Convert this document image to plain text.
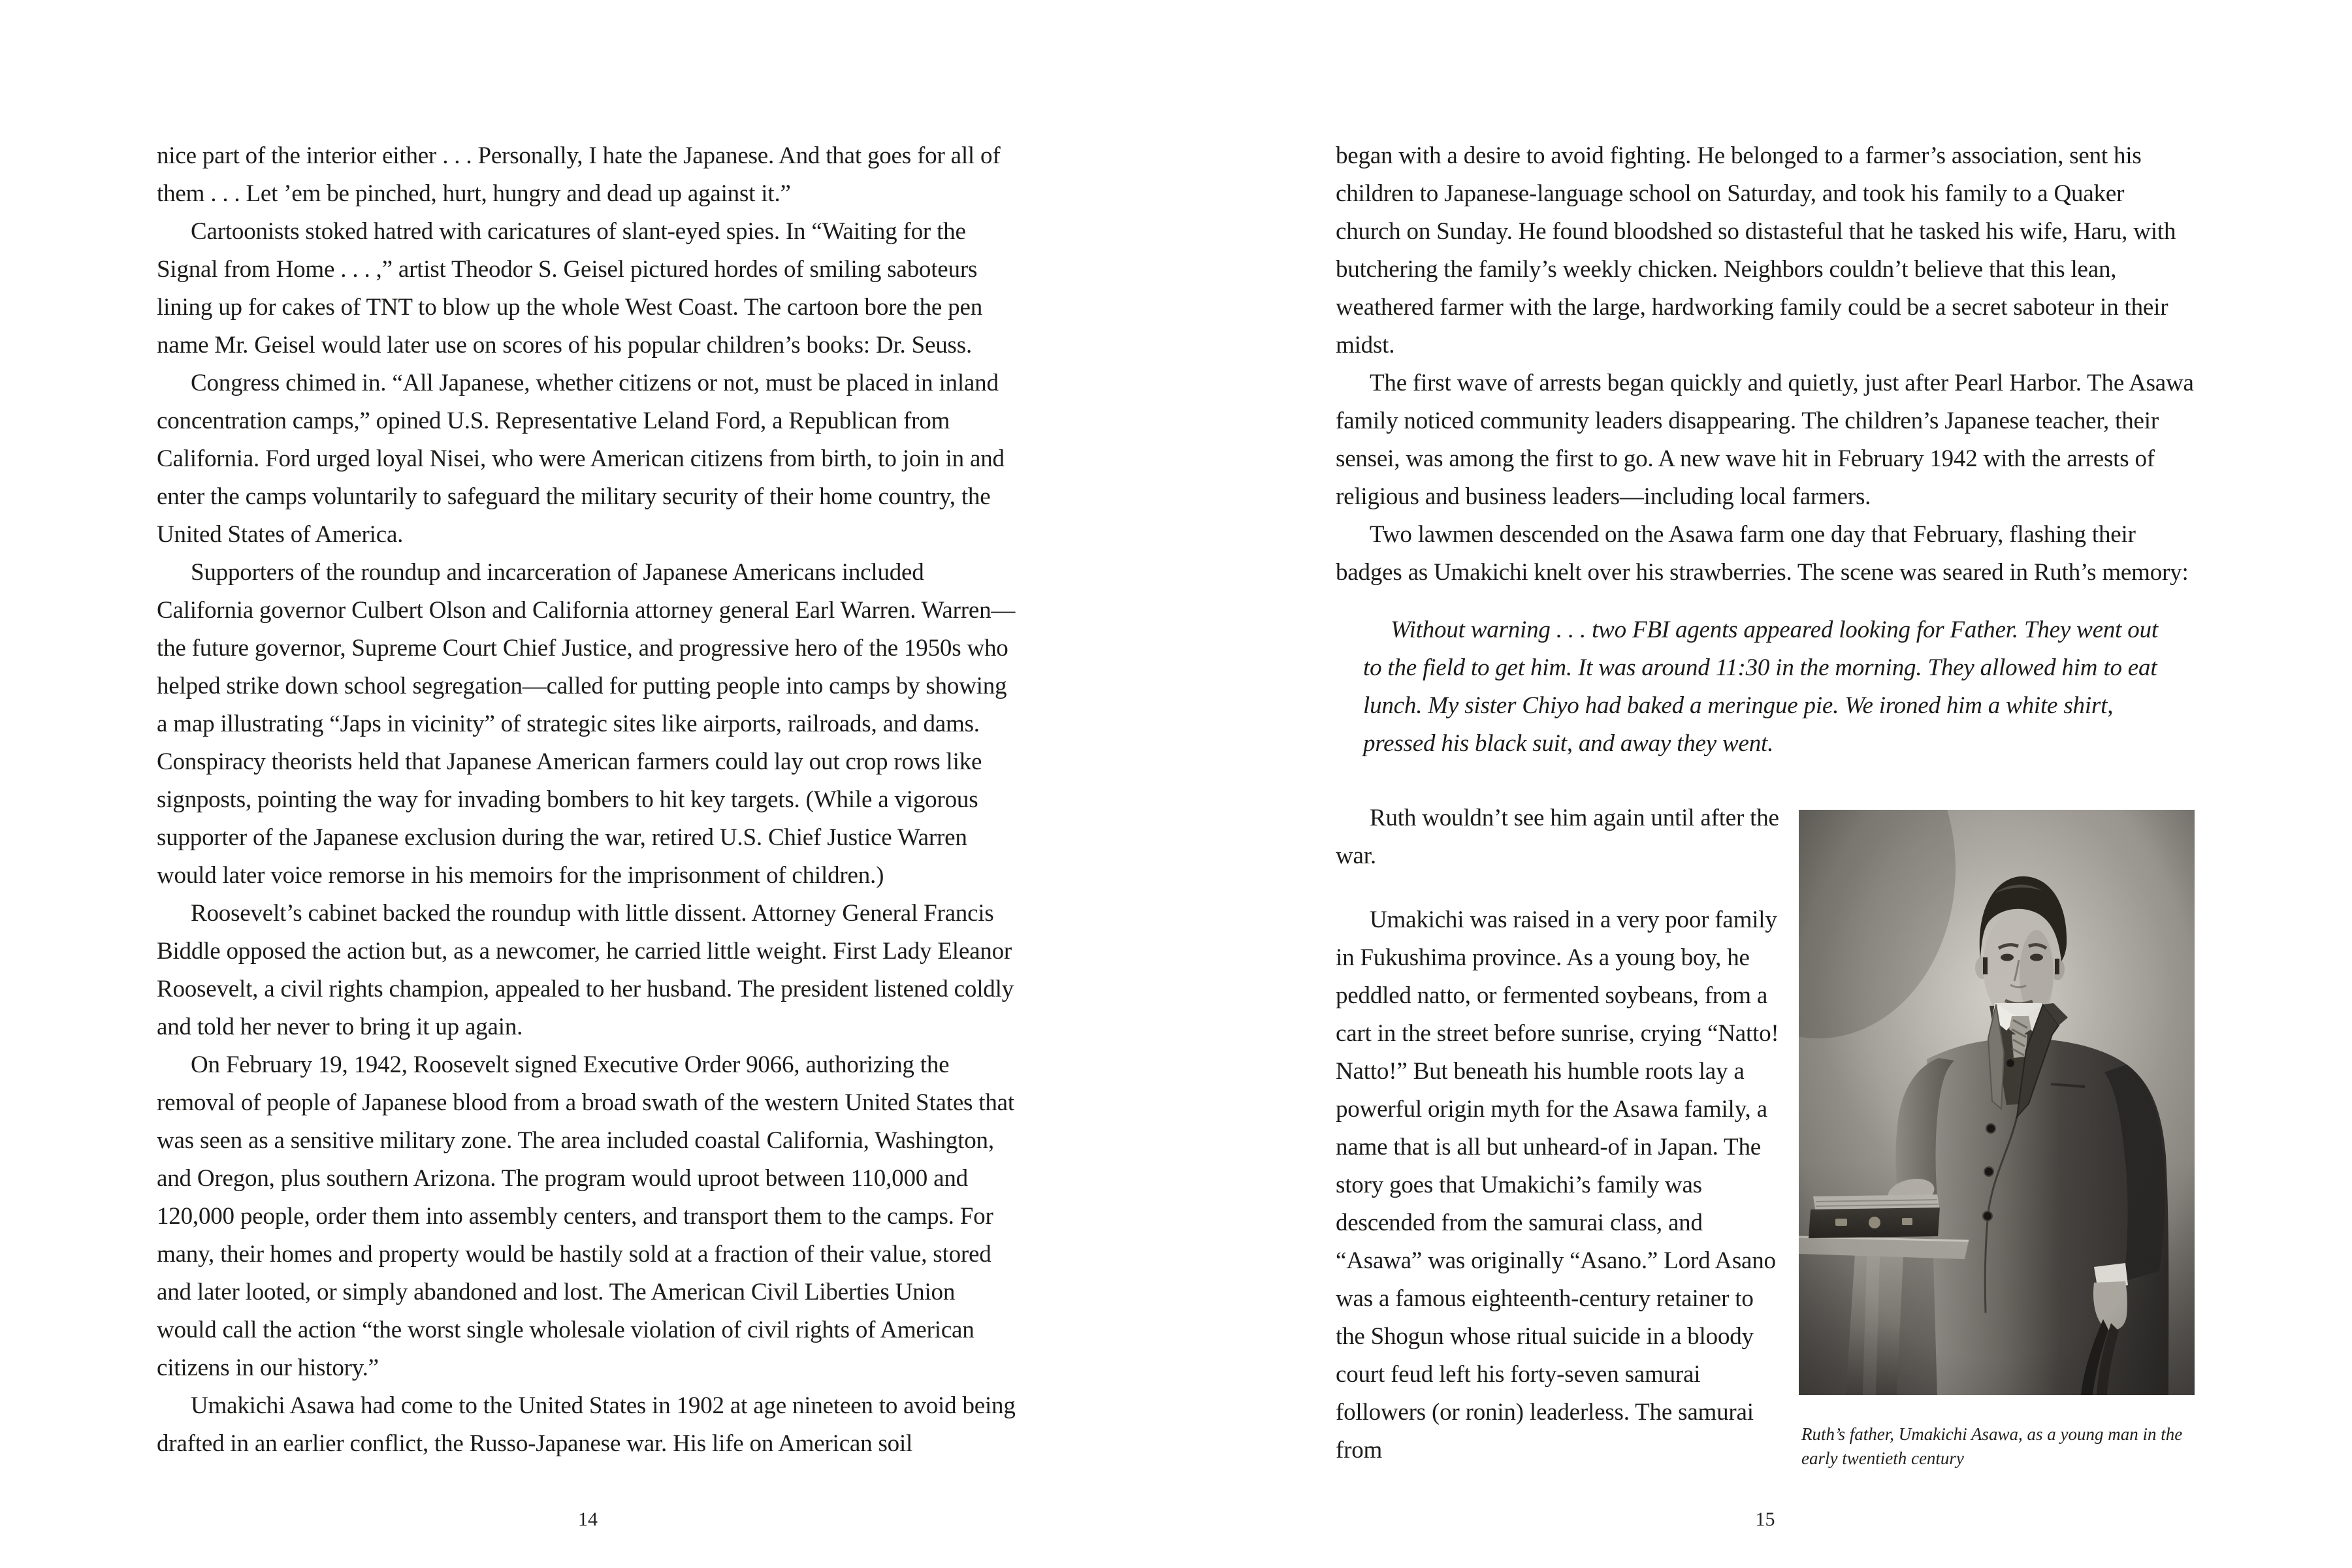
nice part of the interior either . . . Personally, I hate the Japanese. And that goes for all of them . . . Let ’em be pinched, hurt, hungry and dead up against it.”

Cartoonists stoked hatred with caricatures of slant-eyed spies. In “Waiting for the Signal from Home . . . ,” artist Theodor S. Geisel pictured hordes of smiling saboteurs lining up for cakes of TNT to blow up the whole West Coast. The cartoon bore the pen name Mr. Geisel would later use on scores of his popular children’s books: Dr. Seuss.

Congress chimed in. “All Japanese, whether citizens or not, must be placed in inland concentration camps,” opined U.S. Representative Leland Ford, a Republican from California. Ford urged loyal Nisei, who were American citizens from birth, to join in and enter the camps voluntarily to safeguard the military security of their home country, the United States of America.

Supporters of the roundup and incarceration of Japanese Americans included California governor Culbert Olson and California attorney general Earl Warren. Warren—the future governor, Supreme Court Chief Justice, and progressive hero of the 1950s who helped strike down school segregation—called for putting people into camps by showing a map illustrating “Japs in vicinity” of strategic sites like airports, railroads, and dams. Conspiracy theorists held that Japanese American farmers could lay out crop rows like signposts, pointing the way for invading bombers to hit key targets. (While a vigorous supporter of the Japanese exclusion during the war, retired U.S. Chief Justice Warren would later voice remorse in his memoirs for the imprisonment of children.)

Roosevelt’s cabinet backed the roundup with little dissent. Attorney General Francis Biddle opposed the action but, as a newcomer, he carried little weight. First Lady Eleanor Roosevelt, a civil rights champion, appealed to her husband. The president listened coldly and told her never to bring it up again.

On February 19, 1942, Roosevelt signed Executive Order 9066, authorizing the removal of people of Japanese blood from a broad swath of the western United States that was seen as a sensitive military zone. The area included coastal California, Washington, and Oregon, plus southern Arizona. The program would uproot between 110,000 and 120,000 people, order them into assembly centers, and transport them to the camps. For many, their homes and property would be hastily sold at a fraction of their value, stored and later looted, or simply abandoned and lost. The American Civil Liberties Union would call the action “the worst single wholesale violation of civil rights of American citizens in our history.”

Umakichi Asawa had come to the United States in 1902 at age nineteen to avoid being drafted in an earlier conflict, the Russo-Japanese war. His life on American soil

14

began with a desire to avoid fighting. He belonged to a farmer’s association, sent his children to Japanese-language school on Saturday, and took his family to a Quaker church on Sunday. He found bloodshed so distasteful that he tasked his wife, Haru, with butchering the family’s weekly chicken. Neighbors couldn’t believe that this lean, weathered farmer with the large, hardworking family could be a secret saboteur in their midst.

The first wave of arrests began quickly and quietly, just after Pearl Harbor. The Asawa family noticed community leaders disappearing. The children’s Japanese teacher, their sensei, was among the first to go. A new wave hit in February 1942 with the arrests of religious and business leaders—including local farmers.

Two lawmen descended on the Asawa farm one day that February, flashing their badges as Umakichi knelt over his strawberries. The scene was seared in Ruth’s memory:

Without warning . . . two FBI agents appeared looking for Father. They went out to the field to get him. It was around 11:30 in the morning. They allowed him to eat lunch. My sister Chiyo had baked a meringue pie. We ironed him a white shirt, pressed his black suit, and away they went.

Ruth wouldn’t see him again until after the war.

Umakichi was raised in a very poor family in Fukushima province. As a young boy, he peddled natto, or fermented soybeans, from a cart in the street before sunrise, crying “Natto! Natto!” But beneath his humble roots lay a powerful origin myth for the Asawa family, a name that is all but unheard-of in Japan. The story goes that Umakichi’s family was descended from the samurai class, and “Asawa” was originally “Asano.” Lord Asano was a famous eighteenth-century retainer to the Shogun whose ritual suicide in a bloody court feud left his forty-seven samurai followers (or ronin) leaderless. The samurai from

Ruth’s father, Umakichi Asawa, as a young man in the early twentieth century
15
